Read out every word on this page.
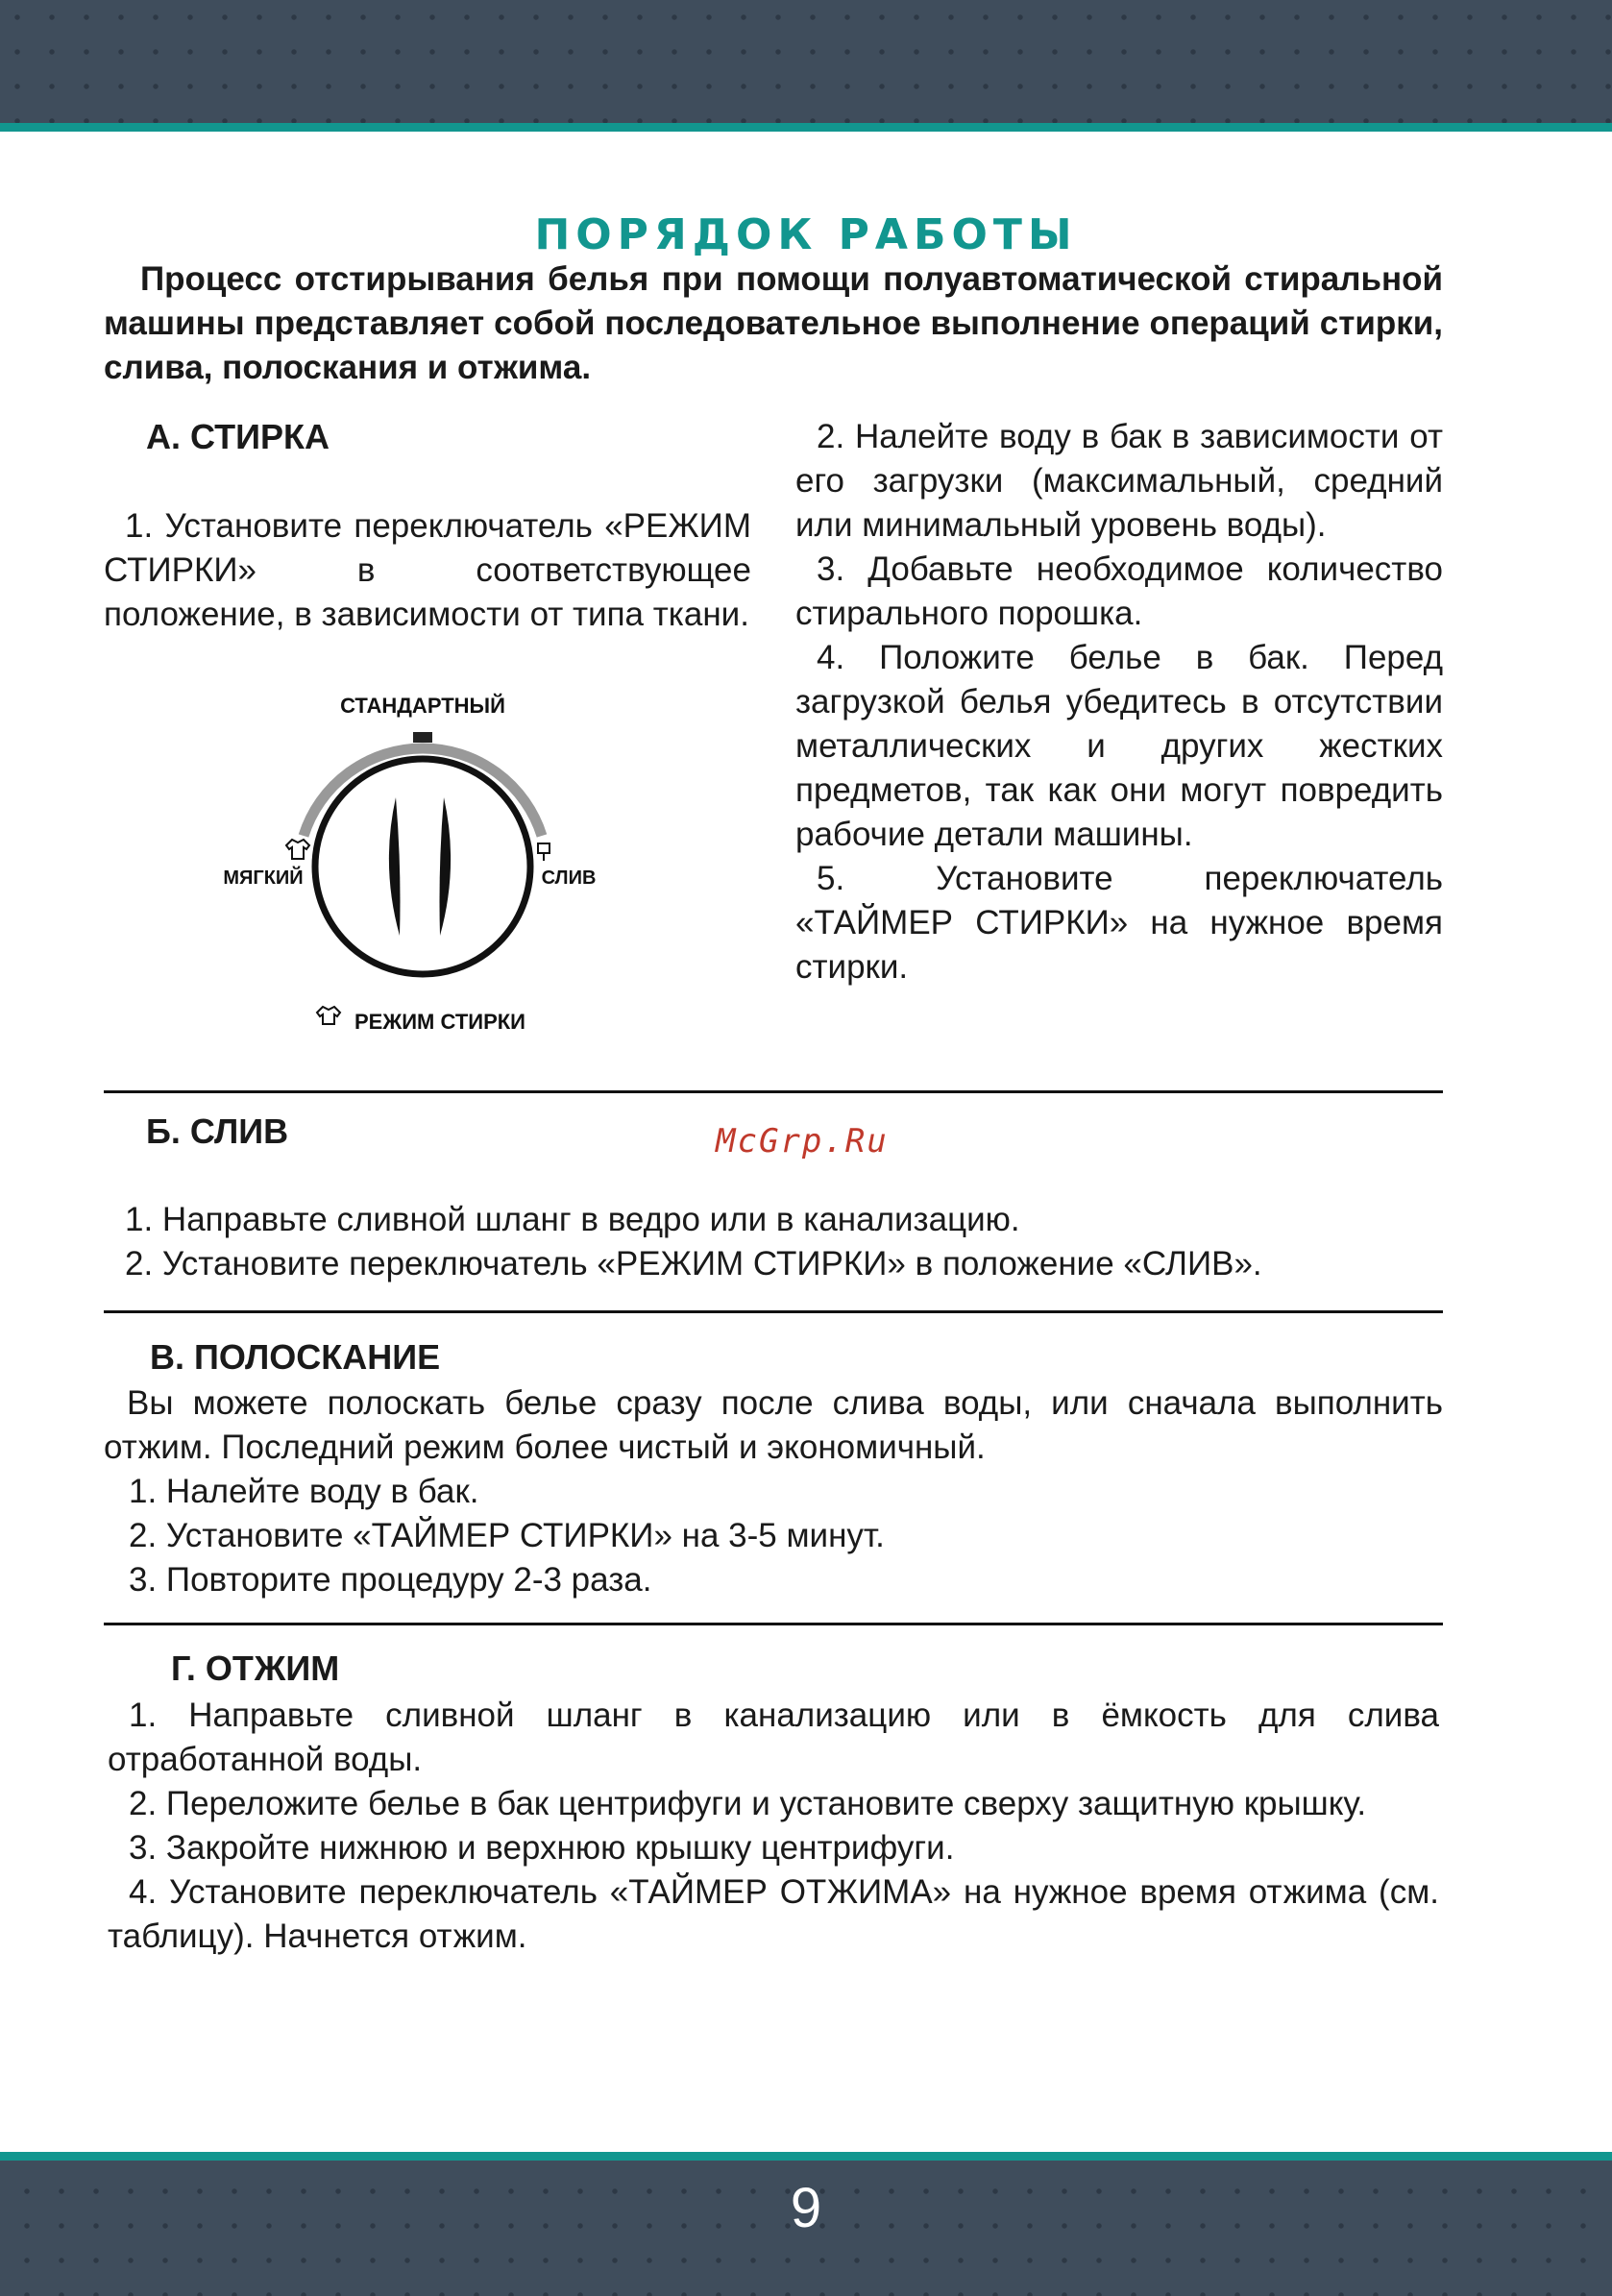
ПОРЯДОК РАБОТЫ

Процесс отстирывания белья при помощи полуавтоматической стиральной машины представляет собой последовательное выполнение операций стирки, слива, полоскания и отжима.

А. СТИРКА

1. Установите переключатель «РЕЖИМ СТИРКИ» в соответствующее положение, в зависимости от типа ткани.

СТАНДАРТНЫЙ
МЯГКИЙ	СЛИВ
РЕЖИМ СТИРКИ

2. Налейте воду в бак в зависимости от его загрузки (максимальный, средний или минимальный уровень воды).

3. Добавьте необходимое количество стирального порошка.

4. Положите белье в бак. Перед загрузкой белья убедитесь в отсутствии металлических и других жестких предметов, так как они могут повредить рабочие детали машины.

5. Установите переключатель «ТАЙМЕР СТИРКИ» на нужное время стирки.

Б. СЛИВ	McGrp.Ru

1. Направьте сливной шланг в ведро или в канализацию.

2. Установите переключатель «РЕЖИМ СТИРКИ» в положение «СЛИВ».

В. ПОЛОСКАНИЕ

Вы можете полоскать белье сразу после слива воды, или сначала выполнить отжим. Последний режим более чистый и экономичный.

1. Налейте воду в бак.

2. Установите «ТАЙМЕР СТИРКИ» на 3-5 минут.

3. Повторите процедуру 2-3 раза.

Г. ОТЖИМ

1. Направьте сливной шланг в канализацию или в ёмкость для слива отработанной воды.

2. Переложите белье в бак центрифуги и установите сверху защитную крышку.

3. Закройте нижнюю и верхнюю крышку центрифуги.

4. Установите переключатель «ТАЙМЕР ОТЖИМА» на нужное время отжима (см. таблицу). Начнется отжим.

9
